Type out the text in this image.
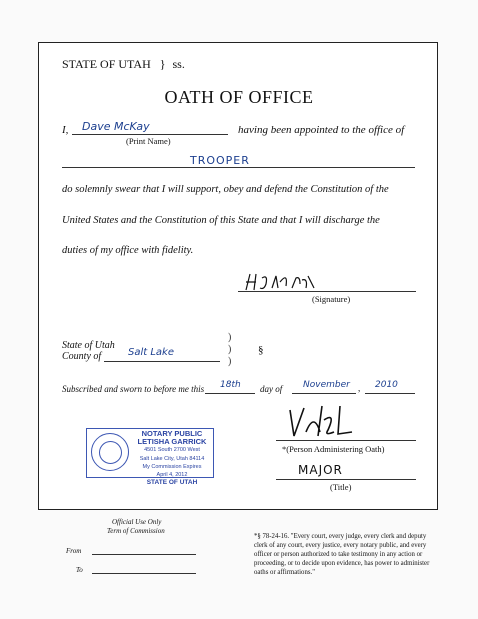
STATE OF UTAH } ss.
OATH OF OFFICE
I, Dave McKay
(Print Name)
having been appointed to the office of
TROOPER
do solemnly swear that I will support, obey and defend the Constitution of the
United States and the Constitution of this State and that I will discharge the
duties of my office with fidelity.
(Signature)
State of Utah
County of	Salt Lake
)
)
)
§
Subscribed and sworn to before me this 18th day of November , 2010
NOTARY PUBLIC
LETISHA GARRICK
4501 South 2700 West
Salt Lake City, Utah 84114
My Commission Expires
April 4, 2012
STATE OF UTAH
*(Person Administering Oath)
MAJOR
(Title)
Official Use Only
Term of Commission
From
To
*§ 78-24-16. "Every court, every judge, every clerk and deputy clerk of any court, every justice, every notary public, and every officer or person authorized to take testimony in any action or proceeding, or to decide upon evidence, has power to administer oaths or affirmations."
